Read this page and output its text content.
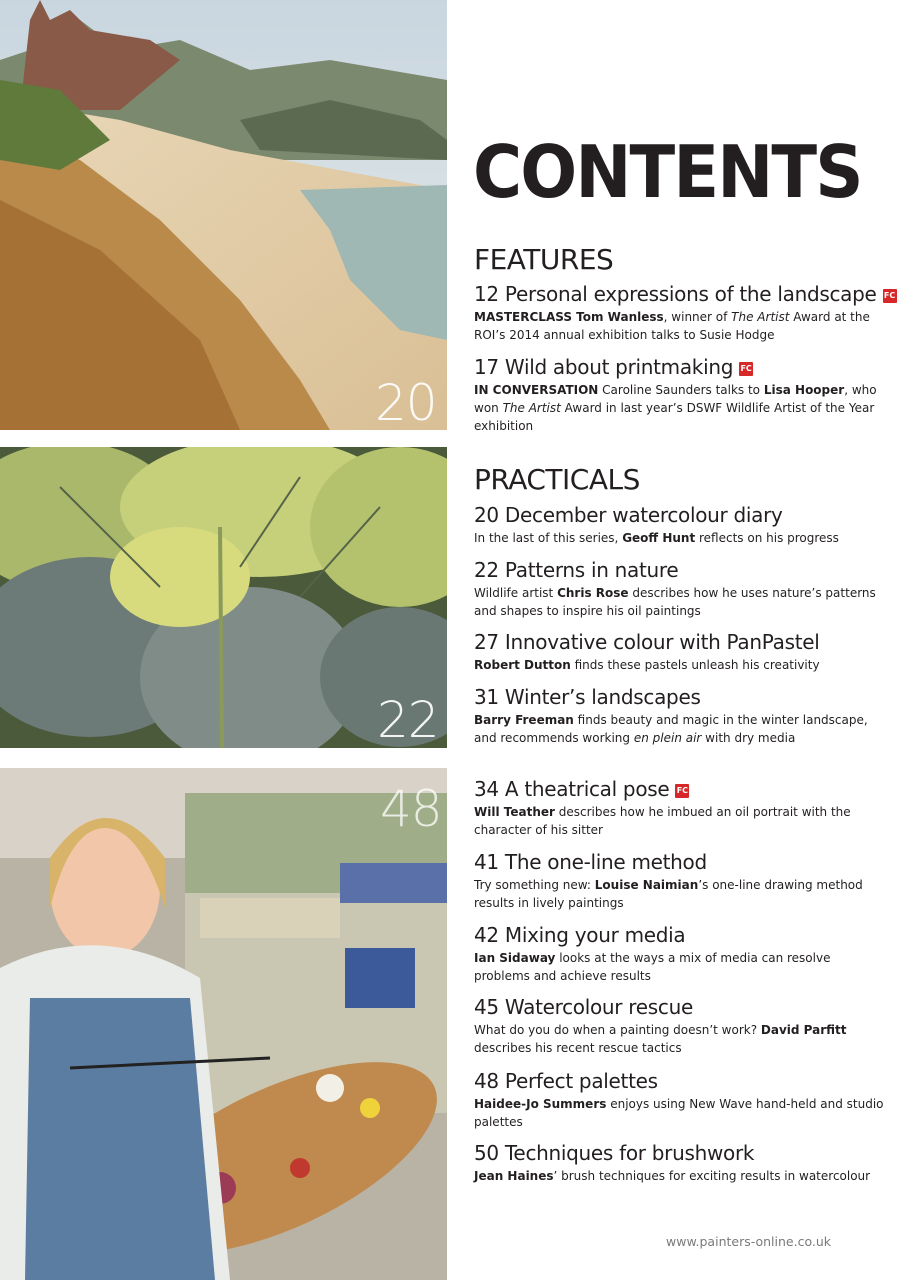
20
22
48
CONTENTS
FEATURES
12 Personal expressions of the landscape FC
MASTERCLASS Tom Wanless, winner of The Artist Award at the ROI’s 2014 annual exhibition talks to Susie Hodge
17 Wild about printmaking FC
IN CONVERSATION Caroline Saunders talks to Lisa Hooper, who won The Artist Award in last year’s DSWF Wildlife Artist of the Year exhibition
PRACTICALS
20 December watercolour diary
In the last of this series, Geoff Hunt reflects on his progress
22 Patterns in nature
Wildlife artist Chris Rose describes how he uses nature’s patterns and shapes to inspire his oil paintings
27 Innovative colour with PanPastel
Robert Dutton finds these pastels unleash his creativity
31 Winter’s landscapes
Barry Freeman finds beauty and magic in the winter landscape, and recommends working en plein air with dry media
34 A theatrical pose FC
Will Teather describes how he imbued an oil portrait with the character of his sitter
41 The one-line method
Try something new: Louise Naimian’s one-line drawing method results in lively paintings
42 Mixing your media
Ian Sidaway looks at the ways a mix of media can resolve problems and achieve results
45 Watercolour rescue
What do you do when a painting doesn’t work? David Parfitt describes his recent rescue tactics
48 Perfect palettes
Haidee-Jo Summers enjoys using New Wave hand-held and studio palettes
50 Techniques for brushwork
Jean Haines’ brush techniques for exciting results in watercolour
www.painters-online.co.uk
